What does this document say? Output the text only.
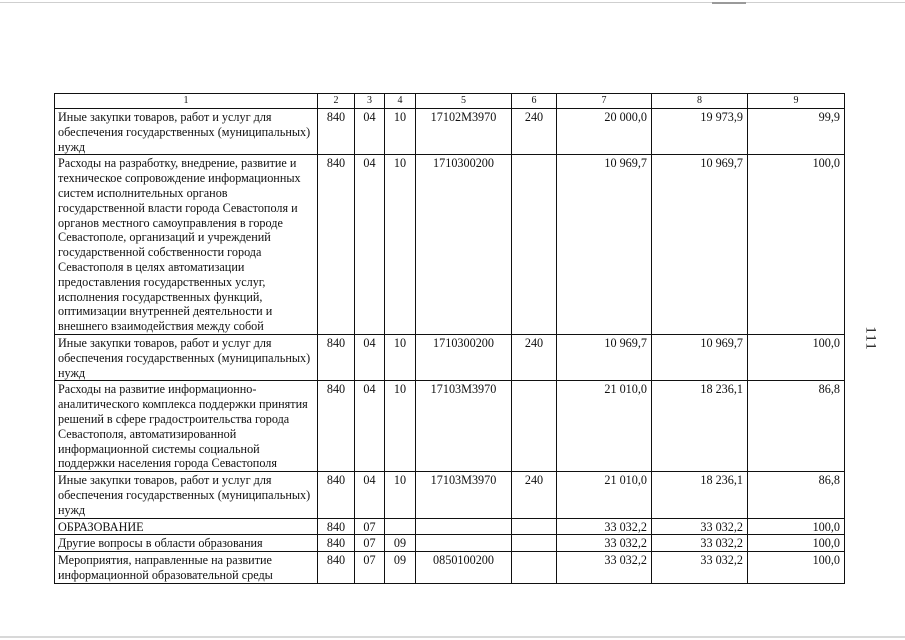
111
1	2	3	4	5	6	7	8	9
Иные закупки товаров, работ и услуг для обеспечения государственных (муниципальных) нужд	840	04	10	17102М3970	240	20 000,0	19 973,9	99,9
Расходы на разработку, внедрение, развитие и техническое сопровождение информационных систем исполнительных органов государственной власти города Севастополя и органов местного самоуправления в городе Севастополе, организаций и учреждений государственной собственности города Севастополя в целях автоматизации предоставления государственных услуг, исполнения государственных функций, оптимизации внутренней деятельности и внешнего взаимодействия между собой	840	04	10	1710300200		10 969,7	10 969,7	100,0
Иные закупки товаров, работ и услуг для обеспечения государственных (муниципальных) нужд	840	04	10	1710300200	240	10 969,7	10 969,7	100,0
Расходы на развитие информационно-аналитического комплекса поддержки принятия решений в сфере градостроительства города Севастополя, автоматизированной информационной системы социальной поддержки населения города Севастополя	840	04	10	17103М3970		21 010,0	18 236,1	86,8
Иные закупки товаров, работ и услуг для обеспечения государственных (муниципальных) нужд	840	04	10	17103М3970	240	21 010,0	18 236,1	86,8
ОБРАЗОВАНИЕ	840	07				33 032,2	33 032,2	100,0
Другие вопросы в области образования	840	07	09			33 032,2	33 032,2	100,0
Мероприятия, направленные на развитие информационной образовательной среды	840	07	09	0850100200		33 032,2	33 032,2	100,0
